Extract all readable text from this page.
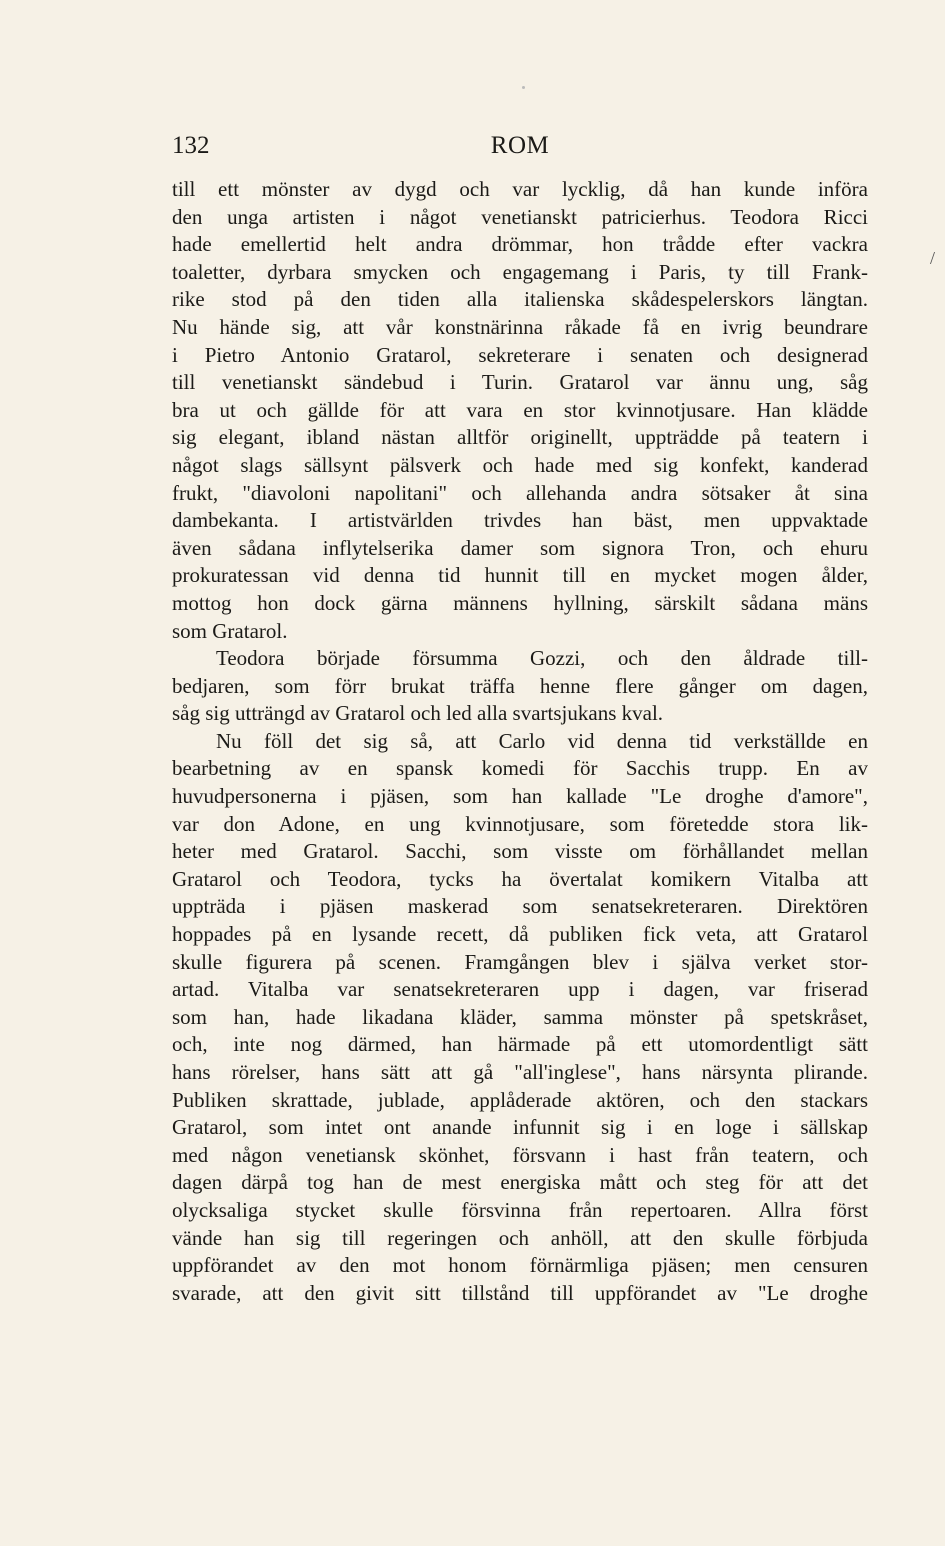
132	ROM
/
till ett mönster av dygd och var lycklig, då han kunde införa
den unga artisten i något venetianskt patricierhus. Teodora Ricci
hade emellertid helt andra drömmar, hon trådde efter vackra
toaletter, dyrbara smycken och engagemang i Paris, ty till Frank-
rike stod på den tiden alla italienska skådespelerskors längtan.
Nu hände sig, att vår konstnärinna råkade få en ivrig beundrare
i Pietro Antonio Gratarol, sekreterare i senaten och designerad
till venetianskt sändebud i Turin. Gratarol var ännu ung, såg
bra ut och gällde för att vara en stor kvinnotjusare. Han klädde
sig elegant, ibland nästan alltför originellt, uppträdde på teatern i
något slags sällsynt pälsverk och hade med sig konfekt, kanderad
frukt, "diavoloni napolitani" och allehanda andra sötsaker åt sina
dambekanta. I artistvärlden trivdes han bäst, men uppvaktade
även sådana inflytelserika damer som signora Tron, och ehuru
prokuratessan vid denna tid hunnit till en mycket mogen ålder,
mottog hon dock gärna männens hyllning, särskilt sådana mäns
som Gratarol.
Teodora började försumma Gozzi, och den åldrade till-
bedjaren, som förr brukat träffa henne flere gånger om dagen,
såg sig utträngd av Gratarol och led alla svartsjukans kval.
Nu föll det sig så, att Carlo vid denna tid verkställde en
bearbetning av en spansk komedi för Sacchis trupp. En av
huvudpersonerna i pjäsen, som han kallade "Le droghe d'amore",
var don Adone, en ung kvinnotjusare, som företedde stora lik-
heter med Gratarol. Sacchi, som visste om förhållandet mellan
Gratarol och Teodora, tycks ha övertalat komikern Vitalba att
uppträda i pjäsen maskerad som senatsekreteraren. Direktören
hoppades på en lysande recett, då publiken fick veta, att Gratarol
skulle figurera på scenen. Framgången blev i själva verket stor-
artad. Vitalba var senatsekreteraren upp i dagen, var friserad
som han, hade likadana kläder, samma mönster på spetskråset,
och, inte nog därmed, han härmade på ett utomordentligt sätt
hans rörelser, hans sätt att gå "all'inglese", hans närsynta plirande.
Publiken skrattade, jublade, applåderade aktören, och den stackars
Gratarol, som intet ont anande infunnit sig i en loge i sällskap
med någon venetiansk skönhet, försvann i hast från teatern, och
dagen därpå tog han de mest energiska mått och steg för att det
olycksaliga stycket skulle försvinna från repertoaren. Allra först
vände han sig till regeringen och anhöll, att den skulle förbjuda
uppförandet av den mot honom förnärmliga pjäsen; men censuren
svarade, att den givit sitt tillstånd till uppförandet av "Le droghe
